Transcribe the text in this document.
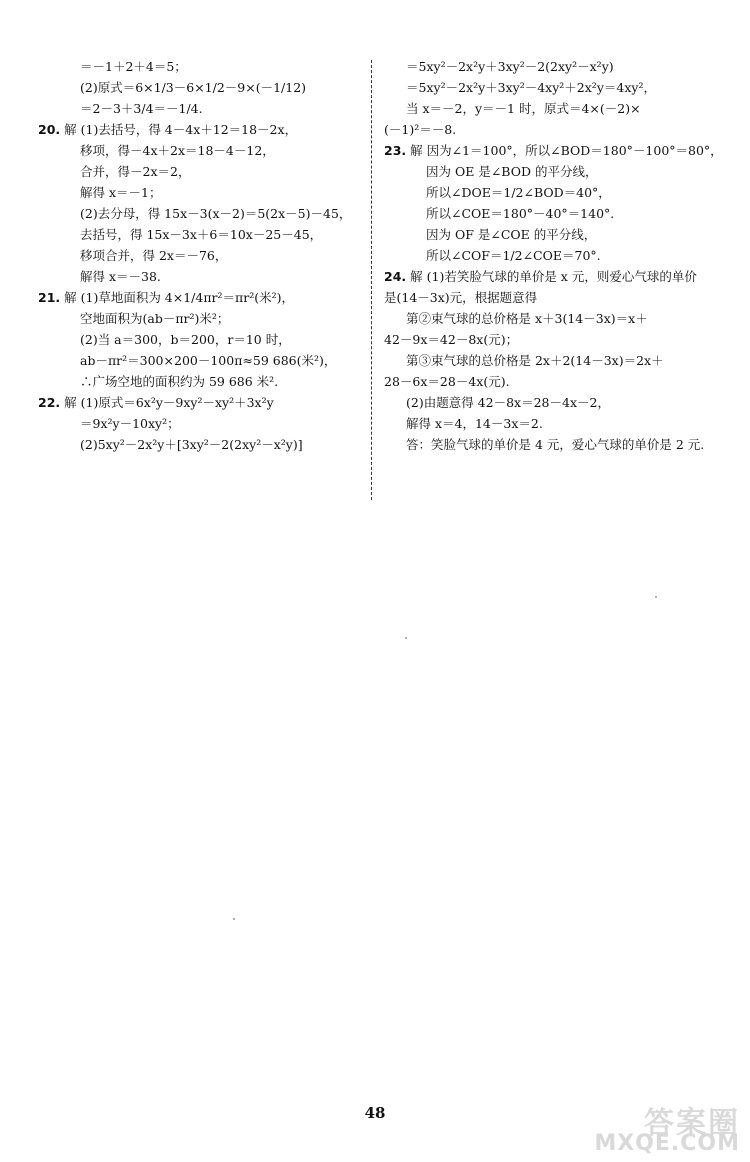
＝－1＋2＋4＝5；
(2)原式＝6×1/3－6×1/2－9×(－1/12)
＝2－3＋3/4＝－1/4.
20. 解 (1)去括号，得 4－4x＋12＝18－2x，
移项，得－4x＋2x＝18－4－12，
合并，得－2x＝2，
解得 x＝－1；
(2)去分母，得 15x－3(x－2)＝5(2x－5)－45，
去括号，得 15x－3x＋6＝10x－25－45，
移项合并，得 2x＝－76，
解得 x＝－38.
21. 解 (1)草地面积为 4×1/4πr²＝πr²(米²)，
空地面积为(ab－πr²)米²；
(2)当 a＝300，b＝200，r＝10 时，
ab－πr²＝300×200－100π≈59 686(米²)，
∴广场空地的面积约为 59 686 米².
22. 解 (1)原式＝6x²y－9xy²－xy²＋3x²y
＝9x²y－10xy²；
(2)5xy²－2x²y＋[3xy²－2(2xy²－x²y)]
＝5xy²－2x²y＋3xy²－2(2xy²－x²y)
＝5xy²－2x²y＋3xy²－4xy²＋2x²y＝4xy²，
当 x＝－2，y＝－1 时，原式＝4×(－2)×
(－1)²＝－8.
23. 解 因为∠1＝100°，所以∠BOD＝180°－100°＝80°，
因为 OE 是∠BOD 的平分线，
所以∠DOE＝1/2∠BOD＝40°，
所以∠COE＝180°－40°＝140°.
因为 OF 是∠COE 的平分线，
所以∠COF＝1/2∠COE＝70°.
24. 解 (1)若笑脸气球的单价是 x 元，则爱心气球的单价
是(14－3x)元，根据题意得
第②束气球的总价格是 x＋3(14－3x)＝x＋
42－9x＝42－8x(元)；
第③束气球的总价格是 2x＋2(14－3x)＝2x＋
28－6x＝28－4x(元).
(2)由题意得 42－8x＝28－4x－2，
解得 x＝4，14－3x＝2.
答：笑脸气球的单价是 4 元，爱心气球的单价是 2 元.
48	答案圈
MXQE.COM
